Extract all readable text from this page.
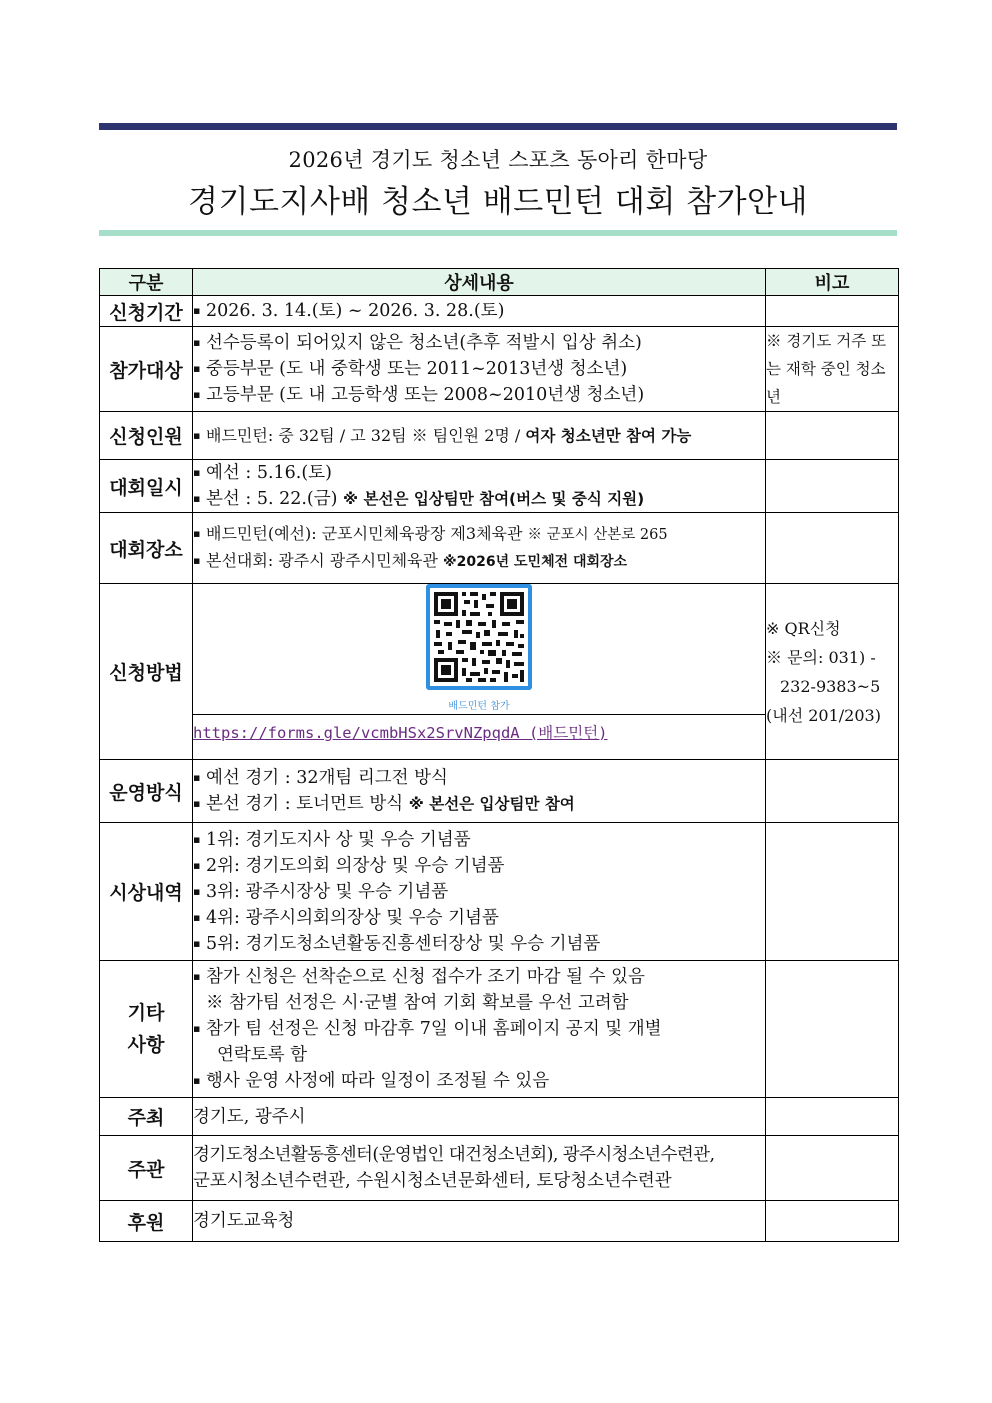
2026년 경기도 청소년 스포츠 동아리 한마당
경기도지사배 청소년 배드민턴 대회 참가안내
구분	상세내용	비고
신청기간	▪ 2026. 3. 14.(토) ~ 2026. 3. 28.(토)

참가대상	▪ 선수등록이 되어있지 않은 청소년(추후 적발시 입상 취소)
▪ 중등부문 (도 내 중학생 또는 2011~2013년생 청소년)
▪ 고등부문 (도 내 고등학생 또는 2008~2010년생 청소년)	※ 경기도 거주 또는 재학 중인 청소년
신청인원	▪ 배드민턴: 중 32팀 / 고 32팀 ※ 팀인원 2명 / 여자 청소년만 참여 가능

대회일시	▪ 예선 : 5.16.(토)
▪ 본선 : 5. 22.(금) ※ 본선은 입상팀만 참여(버스 및 중식 지원)

대회장소	▪ 배드민턴(예선): 군포시민체육광장 제3체육관 ※ 군포시 산본로 265
▪ 본선대회: 광주시 광주시민체육관 ※2026년 도민체전 대회장소

신청방법	배드민턴 참가	※ QR신청
※ 문의: 031) -
232-9383~5
(내선 201/203)

	https://forms.gle/vcmbHSx2SrvNZpqdA (배드민턴)	
운영방식	▪ 예선 경기 : 32개팀 리그전 방식
▪ 본선 경기 : 토너먼트 방식 ※ 본선은 입상팀만 참여

시상내역	▪ 1위: 경기도지사 상 및 우승 기념품
▪ 2위: 경기도의회 의장상 및 우승 기념품
▪ 3위: 광주시장상 및 우승 기념품
▪ 4위: 광주시의회의장상 및 우승 기념품
▪ 5위: 경기도청소년활동진흥센터장상 및 우승 기념품

기타
사항	▪ 참가 신청은 선착순으로 신청 접수가 조기 마감 될 수 있음
※ 참가팀 선정은 시·군별 참여 기회 확보를 우선 고려함
▪ 참가 팀 선정은 신청 마감후 7일 이내 홈페이지 공지 및 개별
연락토록 함
▪ 행사 운영 사정에 따라 일정이 조정될 수 있음

주최	경기도, 광주시	
주관	경기도청소년활동흥센터(운영법인 대건청소년회), 광주시청소년수련관,
군포시청소년수련관, 수원시청소년문화센터, 토당청소년수련관	

후원	경기도교육청	
